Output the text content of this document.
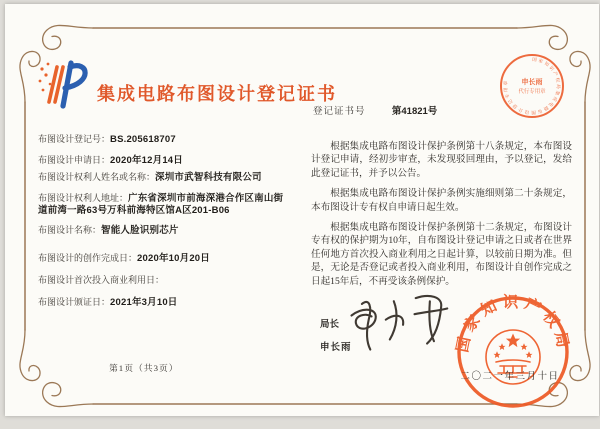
集成电路布图设计登记证书
登记证书号	第41821号
布图设计登记号：BS.205618707
布图设计申请日：2020年12月14日
布图设计权利人姓名或名称：深圳市武智科技有限公司
布图设计权利人地址：广东省深圳市前海深港合作区南山街道前湾一路63号万科前海特区馆A区201-B06
布图设计名称：智能人脸识别芯片
布图设计的创作完成日：2020年10月20日
布图设计首次投入商业利用日：
布图设计颁证日：2021年3月10日

根据集成电路布图设计保护条例第十八条规定，本布图设计登记申请，经初步审查，未发现驳回理由，予以登记，发给此登记证书，并予以公告。

根据集成电路布图设计保护条例实施细则第二十条规定，本布图设计专有权自申请日起生效。

根据集成电路布图设计保护条例第十二条规定，布图设计专有权的保护期为10年，自布图设计登记申请之日或者在世界任何地方首次投入商业利用之日起计算，以较前日期为准。但是，无论是否登记或者投入商业利用，布图设计自创作完成之日起15年后，不再受该条例保护。

第1页（共3页）
局长
申长雨	国家知识产权局
国家知识产权局集成电路布图设计登记专用章	申长雨
代行专用章
二〇二一年三月十日
